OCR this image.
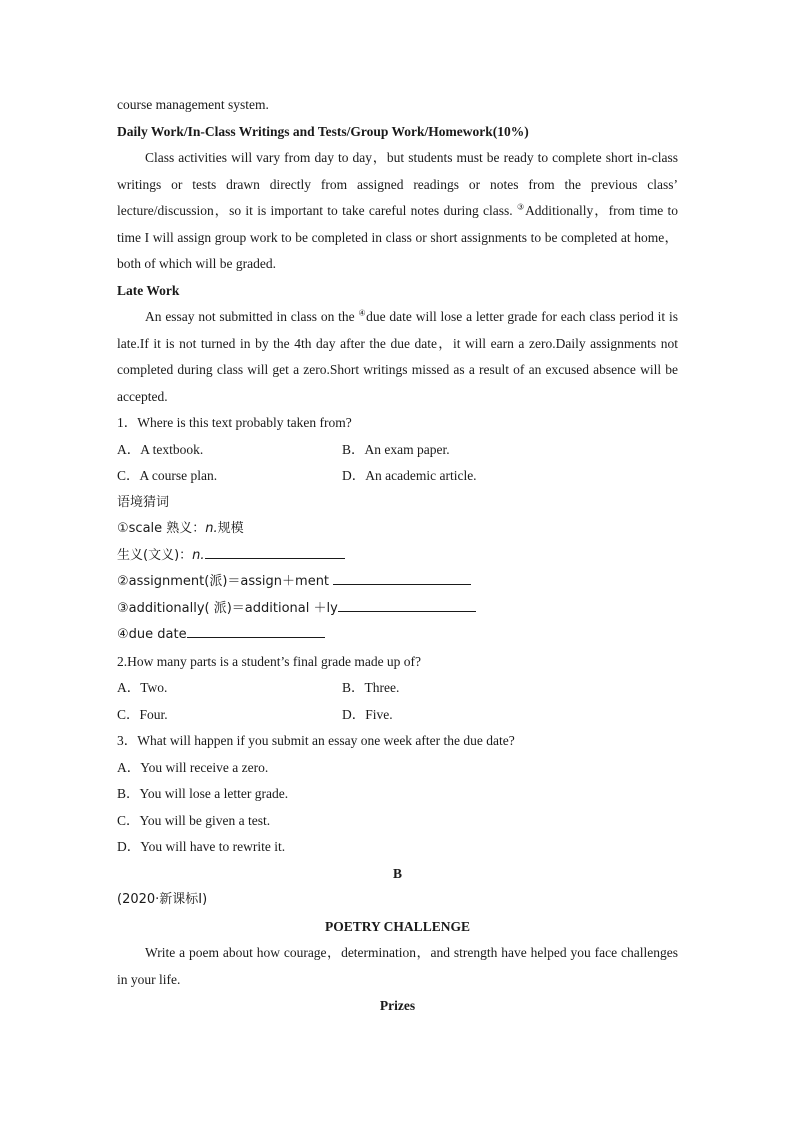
course management system.

Daily Work/In-Class Writings and Tests/Group Work/Homework(10%)

Class activities will vary from day to day，but students must be ready to complete short in-class writings or tests drawn directly from assigned readings or notes from the previous class’ lecture/discussion，so it is important to take careful notes during class. ③Additionally，from time to time I will assign group work to be completed in class or short assignments to be completed at home，both of which will be graded.

Late Work

An essay not submitted in class on the ④due date will lose a letter grade for each class period it is late.If it is not turned in by the 4th day after the due date，it will earn a zero.Daily assignments not completed during class will get a zero.Short writings missed as a result of an excused absence will be accepted.

1．Where is this text probably taken from?

A．A textbook.	B．An exam paper.
C．A course plan.	D．An academic article.

语境猜词

①scale 熟义：n.规模

生义(文义)：n.

②assignment(派)＝assign＋ment

③additionally( 派)＝additional ＋ly

④due date

2.How many parts is a student’s final grade made up of?

A．Two.	B．Three.
C．Four.	D．Five.

3．What will happen if you submit an essay one week after the due date?

A．You will receive a zero.

B．You will lose a letter grade.

C．You will be given a test.

D．You will have to rewrite it.

B

(2020·新课标Ⅰ)

POETRY CHALLENGE

Write a poem about how courage，determination，and strength have helped you face challenges in your life.

Prizes
